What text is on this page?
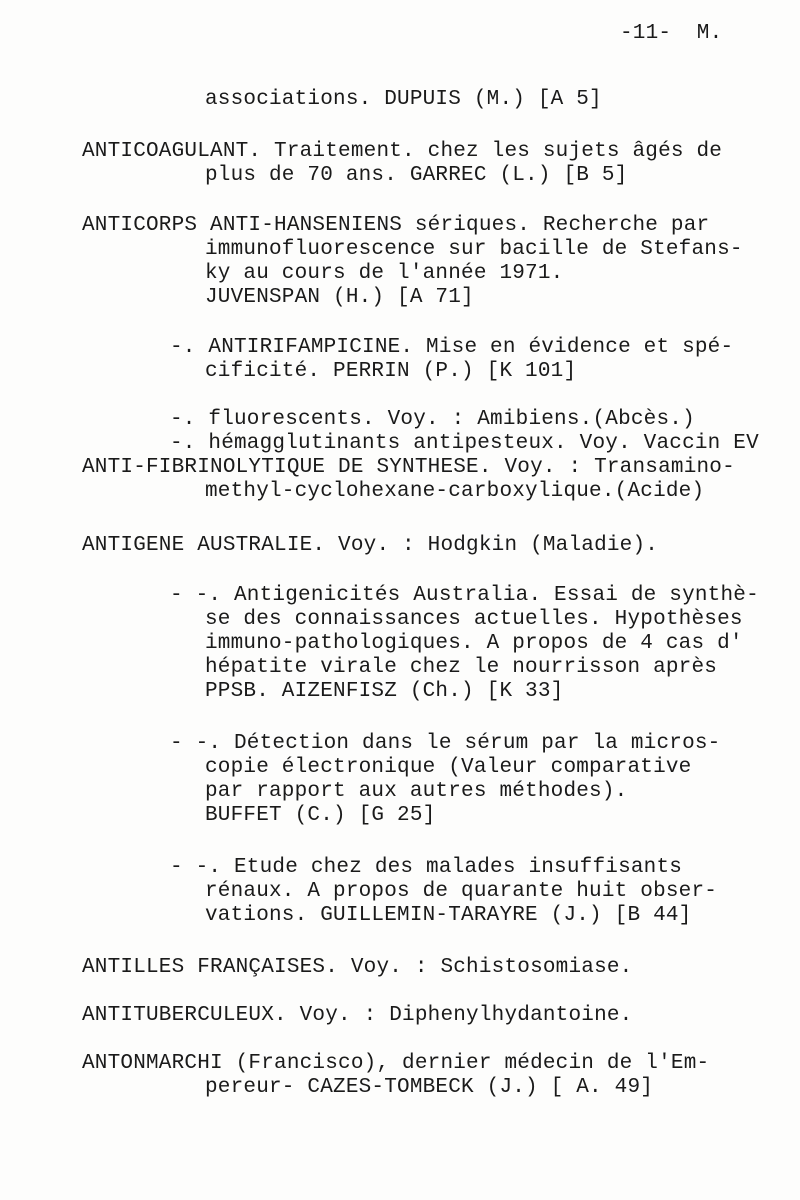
-11-  M.
associations. DUPUIS (M.) [A 5]
ANTICOAGULANT. Traitement. chez les sujets âgés de
plus de 70 ans. GARREC (L.) [B 5]
ANTICORPS ANTI-HANSENIENS sériques. Recherche par
immunofluorescence sur bacille de Stefans-
ky au cours de l'année 1971.
JUVENSPAN (H.) [A 71]
-. ANTIRIFAMPICINE. Mise en évidence et spé-
cificité. PERRIN (P.) [K 101]
-. fluorescents. Voy. : Amibiens.(Abcès.)
-. hémagglutinants antipesteux. Voy. Vaccin EV
ANTI-FIBRINOLYTIQUE DE SYNTHESE. Voy. : Transamino-
methyl-cyclohexane-carboxylique.(Acide)
ANTIGENE AUSTRALIE. Voy. : Hodgkin (Maladie).
- -. Antigenicités Australia. Essai de synthè-
se des connaissances actuelles. Hypothèses
immuno-pathologiques. A propos de 4 cas d'
hépatite virale chez le nourrisson après
PPSB. AIZENFISZ (Ch.) [K 33]
- -. Détection dans le sérum par la micros-
copie électronique (Valeur comparative
par rapport aux autres méthodes).
BUFFET (C.) [G 25]
- -. Etude chez des malades insuffisants
rénaux. A propos de quarante huit obser-
vations. GUILLEMIN-TARAYRE (J.) [B 44]
ANTILLES FRANÇAISES. Voy. : Schistosomiase.
ANTITUBERCULEUX. Voy. : Diphenylhydantoine.
ANTONMARCHI (Francisco), dernier médecin de l'Em-
pereur- CAZES-TOMBECK (J.) [ A. 49]
